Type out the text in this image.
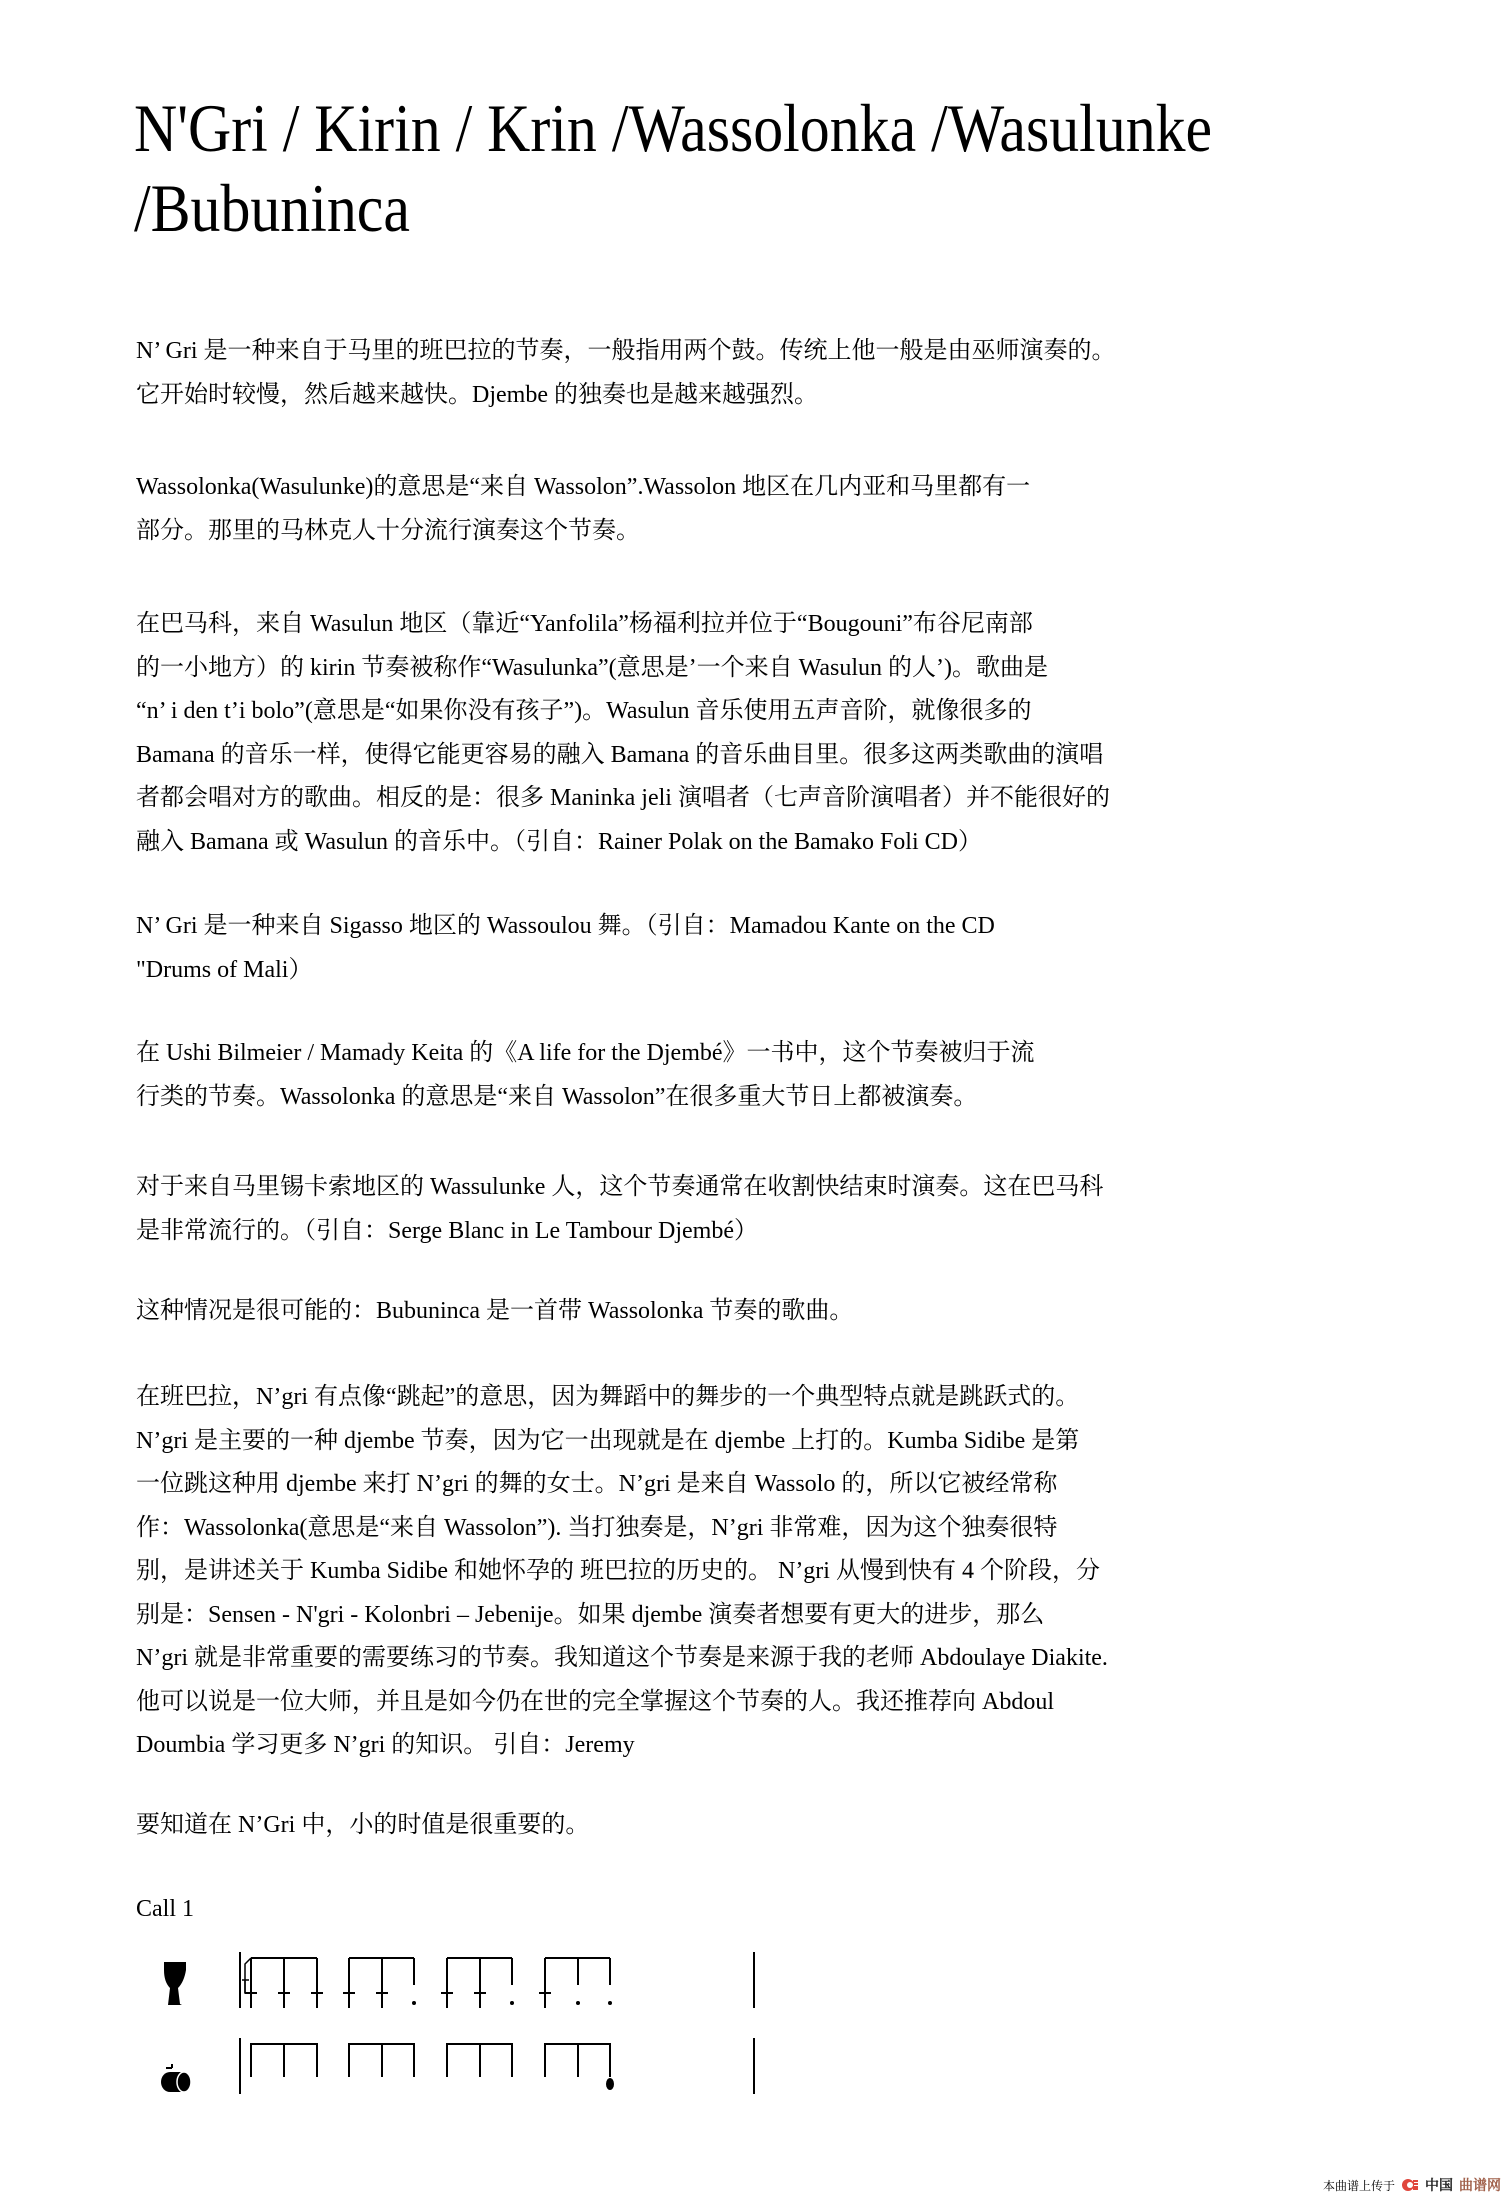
N'Gri / Kirin / Krin /Wassolonka /Wasulunke
/Bubuninca
N’ Gri 是一种来自于马里的班巴拉的节奏，一般指用两个鼓。传统上他一般是由巫师演奏的。
它开始时较慢，然后越来越快。Djembe 的独奏也是越来越强烈。
Wassolonka(Wasulunke)的意思是“来自 Wassolon”.Wassolon 地区在几内亚和马里都有一
部分。那里的马林克人十分流行演奏这个节奏。
在巴马科，来自 Wasulun 地区（靠近“Yanfolila”杨福利拉并位于“Bougouni”布谷尼南部
的一小地方）的 kirin 节奏被称作“Wasulunka”(意思是’一个来自 Wasulun 的人’)。歌曲是
“n’ i den t’i bolo”(意思是“如果你没有孩子”)。Wasulun 音乐使用五声音阶，就像很多的
Bamana 的音乐一样，使得它能更容易的融入 Bamana 的音乐曲目里。很多这两类歌曲的演唱
者都会唱对方的歌曲。相反的是：很多 Maninka jeli 演唱者（七声音阶演唱者）并不能很好的
融入 Bamana 或 Wasulun 的音乐中。（引自：Rainer Polak on the Bamako Foli CD）
N’ Gri 是一种来自 Sigasso 地区的 Wassoulou 舞。（引自：Mamadou Kante on the CD
"Drums of Mali）
在 Ushi Bilmeier / Mamady Keita 的《A life for the Djembé》一书中，这个节奏被归于流
行类的节奏。Wassolonka 的意思是“来自 Wassolon”在很多重大节日上都被演奏。
对于来自马里锡卡索地区的 Wassulunke 人，这个节奏通常在收割快结束时演奏。这在巴马科
是非常流行的。（引自：Serge Blanc in Le Tambour Djembé）
这种情况是很可能的：Bubuninca 是一首带 Wassolonka 节奏的歌曲。
在班巴拉，N’gri 有点像“跳起”的意思，因为舞蹈中的舞步的一个典型特点就是跳跃式的。
N’gri 是主要的一种 djembe 节奏，因为它一出现就是在 djembe 上打的。Kumba Sidibe 是第
一位跳这种用 djembe 来打 N’gri 的舞的女士。N’gri 是来自 Wassolo 的，所以它被经常称
作：Wassolonka(意思是“来自 Wassolon”). 当打独奏是，N’gri 非常难，因为这个独奏很特
别，是讲述关于 Kumba Sidibe 和她怀孕的 班巴拉的历史的。 N’gri 从慢到快有 4 个阶段，分
别是：Sensen - N'gri - Kolonbri – Jebenije。如果 djembe 演奏者想要有更大的进步，那么
N’gri 就是非常重要的需要练习的节奏。我知道这个节奏是来源于我的老师 Abdoulaye Diakite.
他可以说是一位大师，并且是如今仍在世的完全掌握这个节奏的人。我还推荐向 Abdoul
Doumbia 学习更多 N’gri 的知识。 引自：Jeremy
要知道在 N’Gri 中，小的时值是很重要的。
Call 1
本曲谱上传于 中国 曲谱网
